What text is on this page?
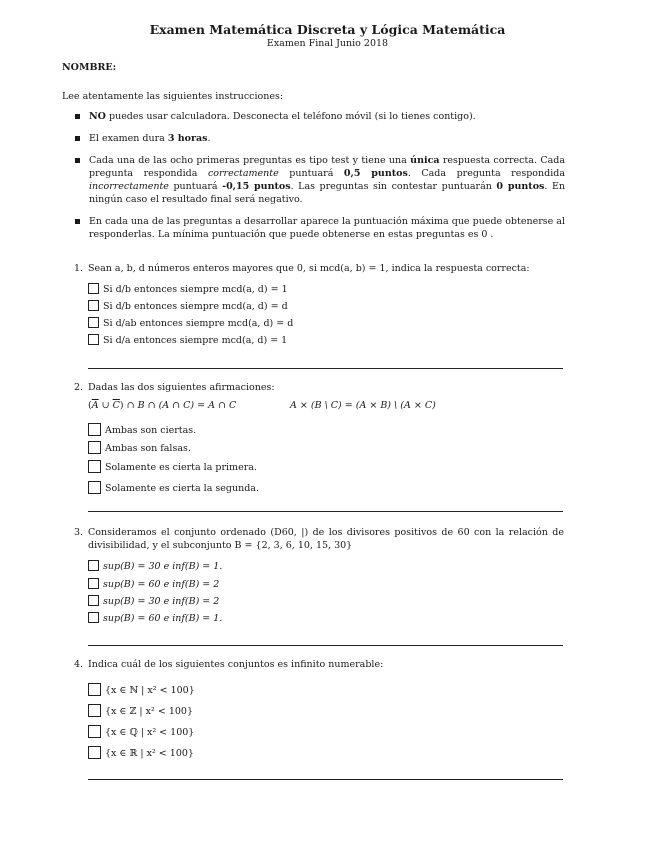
Examen Matemática Discreta y Lógica Matemática
Examen Final Junio 2018
NOMBRE:
Lee atentamente las siguientes instrucciones:
NO puedes usar calculadora. Desconecta el teléfono móvil (si lo tienes contigo).
El examen dura 3 horas.
Cada una de las ocho primeras preguntas es tipo test y tiene una única respuesta correcta. Cada pregunta respondida correctamente puntuará 0,5 puntos. Cada pregunta respondida incorrectamente puntuará -0,15 puntos. Las preguntas sin contestar puntuarán 0 puntos. En ningún caso el resultado final será negativo.
En cada una de las preguntas a desarrollar aparece la puntuación máxima que puede obtenerse al responderlas. La mínima puntuación que puede obtenerse en estas preguntas es 0 .
1. Sean a, b, d números enteros mayores que 0, si mcd(a, b) = 1, indica la respuesta correcta:
Si d/b entonces siempre mcd(a, d) = 1
Si d/b entonces siempre mcd(a, d) = d
Si d/ab entonces siempre mcd(a, d) = d
Si d/a entonces siempre mcd(a, d) = 1
2. Dadas las dos siguientes afirmaciones:
($\overline{A}$ ∪ $\overline{C}$) ∩ B ∩ (A ∩ C) = A ∩ C	A × (B \ C) = (A × B) \ (A × C)
Ambas son ciertas.
Ambas son falsas.
Solamente es cierta la primera.
Solamente es cierta la segunda.
3. Consideramos el conjunto ordenado (D60, |) de los divisores positivos de 60 con la relación de divisibilidad, y el subconjunto B = {2, 3, 6, 10, 15, 30}
sup(B) = 30 e inf(B) = 1.
sup(B) = 60 e inf(B) = 2
sup(B) = 30 e inf(B) = 2
sup(B) = 60 e inf(B) = 1.
4. Indica cuál de los siguientes conjuntos es infinito numerable:
{x ∈ ℕ | x² < 100}
{x ∈ ℤ | x² < 100}
{x ∈ ℚ | x² < 100}
{x ∈ ℝ | x² < 100}
